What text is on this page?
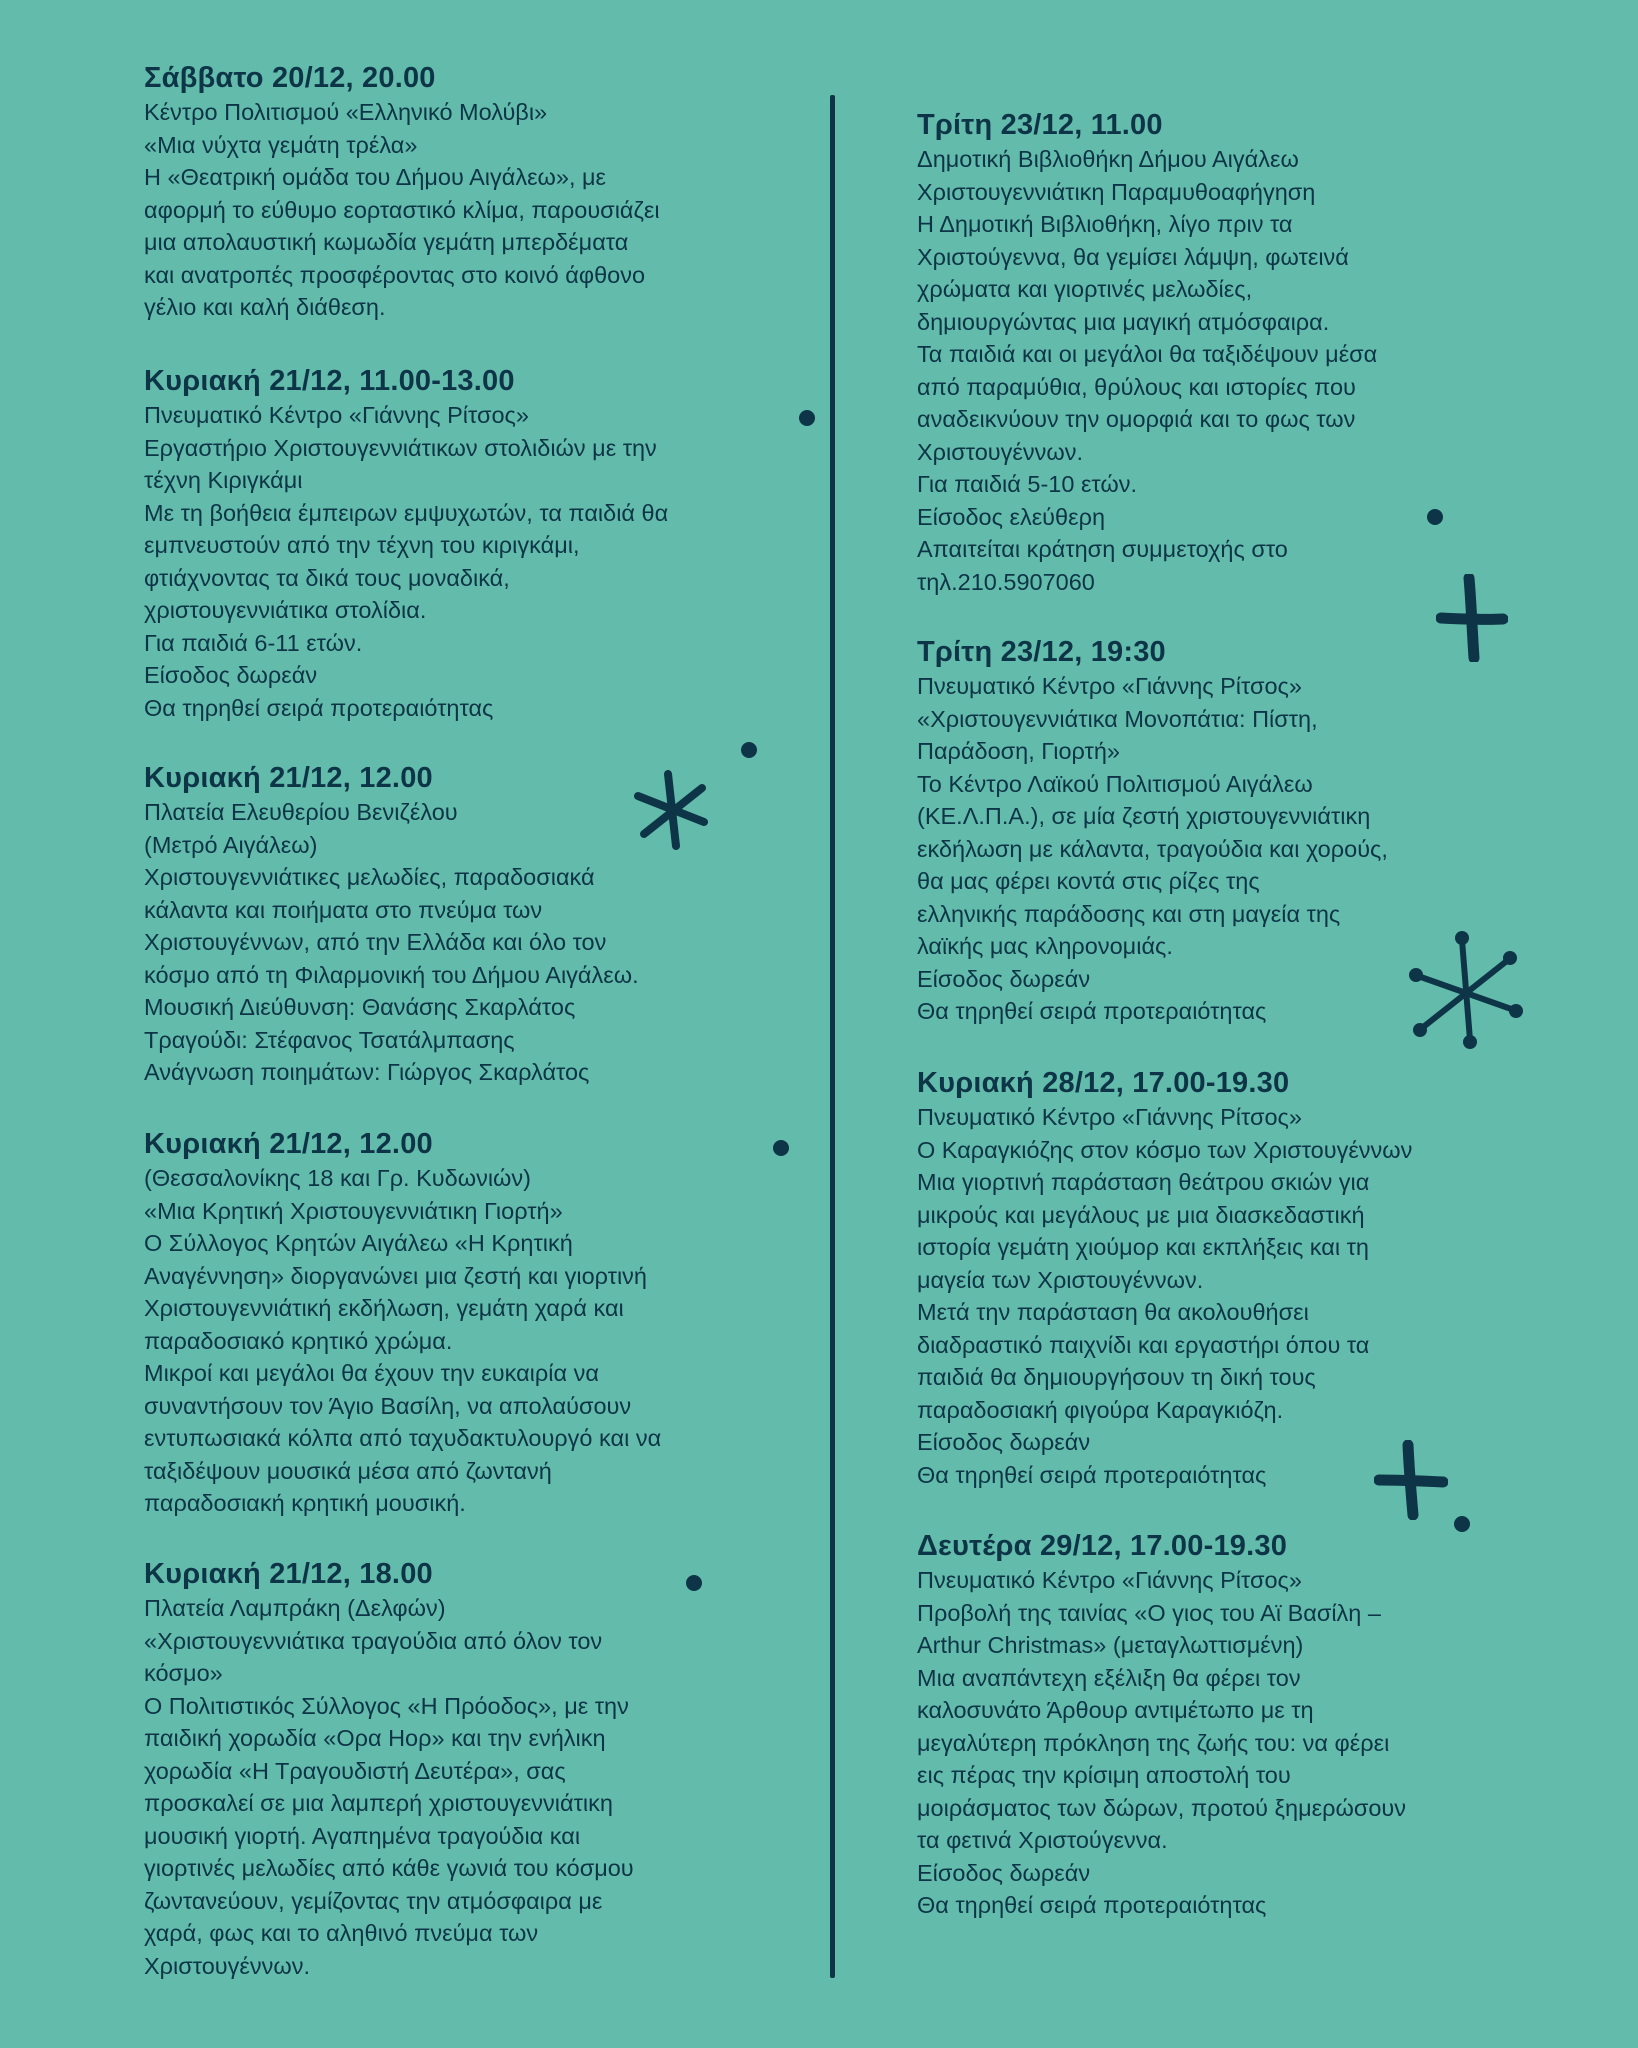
Σάββατο 20/12, 20.00
Κέντρο Πολιτισμού «Ελληνικό Μολύβι»
«Μια νύχτα γεμάτη τρέλα»
Η «Θεατρική ομάδα του Δήμου Αιγάλεω», με
αφορμή το εύθυμο εορταστικό κλίμα, παρουσιάζει
μια απολαυστική κωμωδία γεμάτη μπερδέματα
και ανατροπές προσφέροντας στο κοινό άφθονο
γέλιο και καλή διάθεση.
Κυριακή 21/12, 11.00-13.00
Πνευματικό Κέντρο «Γιάννης Ρίτσος»
Εργαστήριο Χριστουγεννιάτικων στολιδιών με την
τέχνη Κιριγκάμι
Με τη βοήθεια έμπειρων εμψυχωτών, τα παιδιά θα
εμπνευστούν από την τέχνη του κιριγκάμι,
φτιάχνοντας τα δικά τους μοναδικά,
χριστουγεννιάτικα στολίδια.
Για παιδιά 6-11 ετών.
Είσοδος δωρεάν
Θα τηρηθεί σειρά προτεραιότητας
Κυριακή 21/12, 12.00
Πλατεία Ελευθερίου Βενιζέλου
(Μετρό Αιγάλεω)
Χριστουγεννιάτικες μελωδίες, παραδοσιακά
κάλαντα και ποιήματα στο πνεύμα των
Χριστουγέννων, από την Ελλάδα και όλο τον
κόσμο από τη Φιλαρμονική του Δήμου Αιγάλεω.
Μουσική Διεύθυνση: Θανάσης Σκαρλάτος
Τραγούδι: Στέφανος Τσατάλμπασης
Ανάγνωση ποιημάτων: Γιώργος Σκαρλάτος
Κυριακή 21/12, 12.00
(Θεσσαλονίκης 18 και Γρ. Κυδωνιών)
«Μια Κρητική Χριστουγεννιάτικη Γιορτή»
Ο Σύλλογος Κρητών Αιγάλεω «Η Κρητική
Αναγέννηση» διοργανώνει μια ζεστή και γιορτινή
Χριστουγεννιάτική εκδήλωση, γεμάτη χαρά και
παραδοσιακό κρητικό χρώμα.
Μικροί και μεγάλοι θα έχουν την ευκαιρία να
συναντήσουν τον Άγιο Βασίλη, να απολαύσουν
εντυπωσιακά κόλπα από ταχυδακτυλουργό και να
ταξιδέψουν μουσικά μέσα από ζωντανή
παραδοσιακή κρητική μουσική.
Κυριακή 21/12, 18.00
Πλατεία Λαμπράκη (Δελφών)
«Χριστουγεννιάτικα τραγούδια από όλον τον
κόσμο»
Ο Πολιτιστικός Σύλλογος «Η Πρόοδος», με την
παιδική χορωδία «Ορα Ηορ» και την ενήλικη
χορωδία «Η Τραγουδιστή Δευτέρα», σας
προσκαλεί σε μια λαμπερή χριστουγεννιάτικη
μουσική γιορτή. Αγαπημένα τραγούδια και
γιορτινές μελωδίες από κάθε γωνιά του κόσμου
ζωντανεύουν, γεμίζοντας την ατμόσφαιρα με
χαρά, φως και το αληθινό πνεύμα των
Χριστουγέννων.
Τρίτη 23/12, 11.00
Δημοτική Βιβλιοθήκη Δήμου Αιγάλεω
Χριστουγεννιάτικη Παραμυθοαφήγηση
Η Δημοτική Βιβλιοθήκη, λίγο πριν τα
Χριστούγεννα, θα γεμίσει λάμψη, φωτεινά
χρώματα και γιορτινές μελωδίες,
δημιουργώντας μια μαγική ατμόσφαιρα.
Τα παιδιά και οι μεγάλοι θα ταξιδέψουν μέσα
από παραμύθια, θρύλους και ιστορίες που
αναδεικνύουν την ομορφιά και το φως των
Χριστουγέννων.
Για παιδιά 5-10 ετών.
Είσοδος ελεύθερη
Απαιτείται κράτηση συμμετοχής στο
τηλ.210.5907060
Τρίτη 23/12, 19:30
Πνευματικό Κέντρο «Γιάννης Ρίτσος»
«Χριστουγεννιάτικα Μονοπάτια: Πίστη,
Παράδοση, Γιορτή»
Το Κέντρο Λαϊκού Πολιτισμού Αιγάλεω
(ΚΕ.Λ.Π.Α.), σε μία ζεστή χριστουγεννιάτικη
εκδήλωση με κάλαντα, τραγούδια και χορούς,
θα μας φέρει κοντά στις ρίζες της
ελληνικής παράδοσης και στη μαγεία της
λαϊκής μας κληρονομιάς.
Είσοδος δωρεάν
Θα τηρηθεί σειρά προτεραιότητας
Κυριακή 28/12, 17.00-19.30
Πνευματικό Κέντρο «Γιάννης Ρίτσος»
Ο Καραγκιόζης στον κόσμο των Χριστουγέννων
Μια γιορτινή παράσταση θεάτρου σκιών για
μικρούς και μεγάλους με μια διασκεδαστική
ιστορία γεμάτη χιούμορ και εκπλήξεις και τη
μαγεία των Χριστουγέννων.
Μετά την παράσταση θα ακολουθήσει
διαδραστικό παιχνίδι και εργαστήρι όπου τα
παιδιά θα δημιουργήσουν τη δική τους
παραδοσιακή φιγούρα Καραγκιόζη.
Είσοδος δωρεάν
Θα τηρηθεί σειρά προτεραιότητας
Δευτέρα 29/12, 17.00-19.30
Πνευματικό Κέντρο «Γιάννης Ρίτσος»
Προβολή της ταινίας «Ο γιος του Αϊ Βασίλη –
Arthur Christmas» (μεταγλωττισμένη)
Μια αναπάντεχη εξέλιξη θα φέρει τον
καλοσυνάτο Άρθουρ αντιμέτωπο με τη
μεγαλύτερη πρόκληση της ζωής του: να φέρει
εις πέρας την κρίσιμη αποστολή του
μοιράσματος των δώρων, προτού ξημερώσουν
τα φετινά Χριστούγεννα.
Είσοδος δωρεάν
Θα τηρηθεί σειρά προτεραιότητας
